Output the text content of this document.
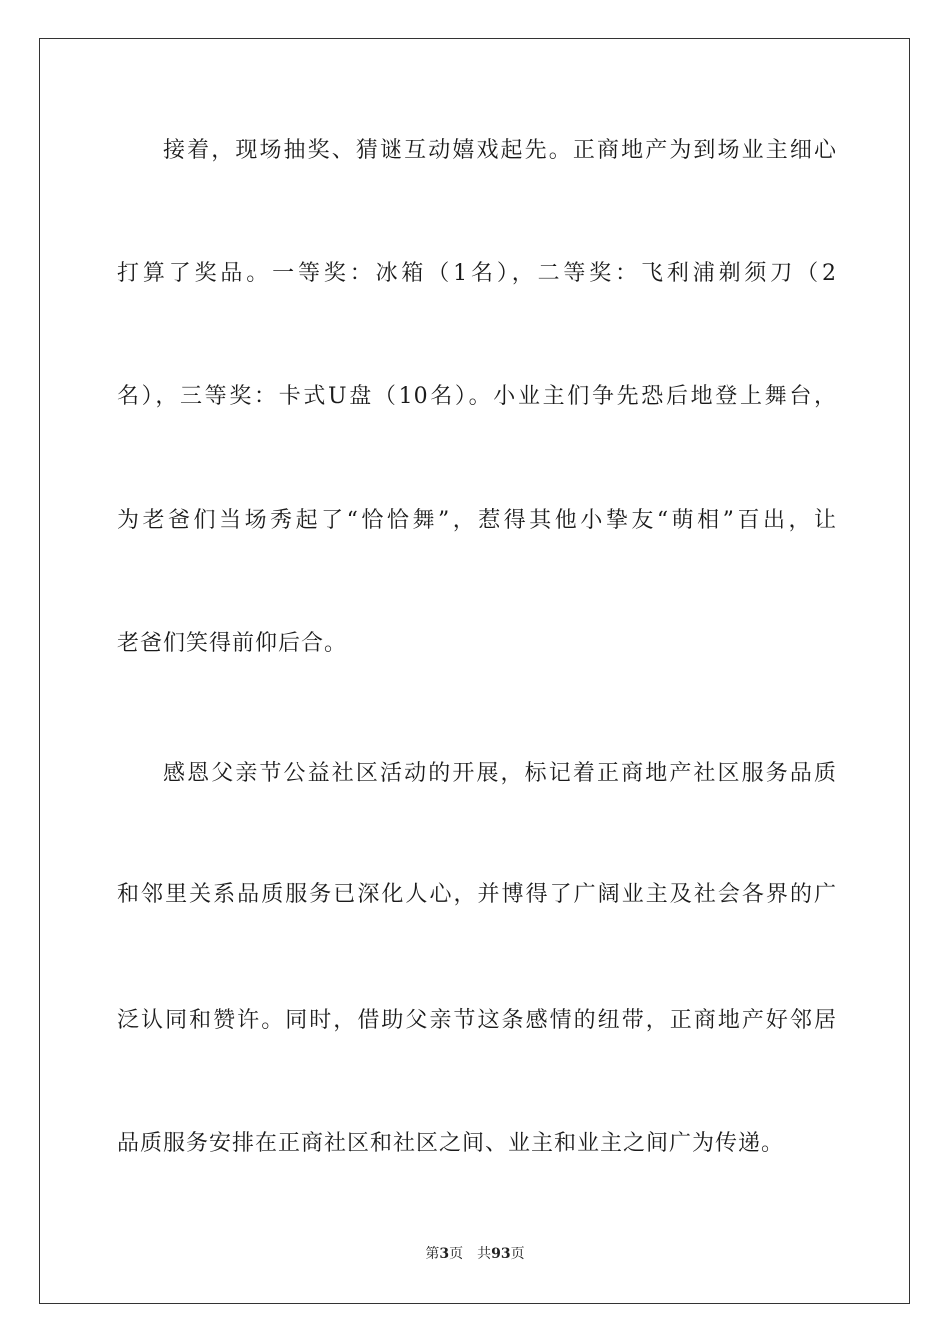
接着，现场抽奖、猜谜互动嬉戏起先。正商地产为到场业主细心
打算了奖品。一等奖：冰箱（1名），二等奖：飞利浦剃须刀（2
名），三等奖：卡式U盘（10名）。小业主们争先恐后地登上舞台，
为老爸们当场秀起了“恰恰舞”，惹得其他小挚友“萌相”百出，让
老爸们笑得前仰后合。
感恩父亲节公益社区活动的开展，标记着正商地产社区服务品质
和邻里关系品质服务已深化人心，并博得了广阔业主及社会各界的广
泛认同和赞许。同时，借助父亲节这条感情的纽带，正商地产好邻居
品质服务安排在正商社区和社区之间、业主和业主之间广为传递。
第3页 共93页
